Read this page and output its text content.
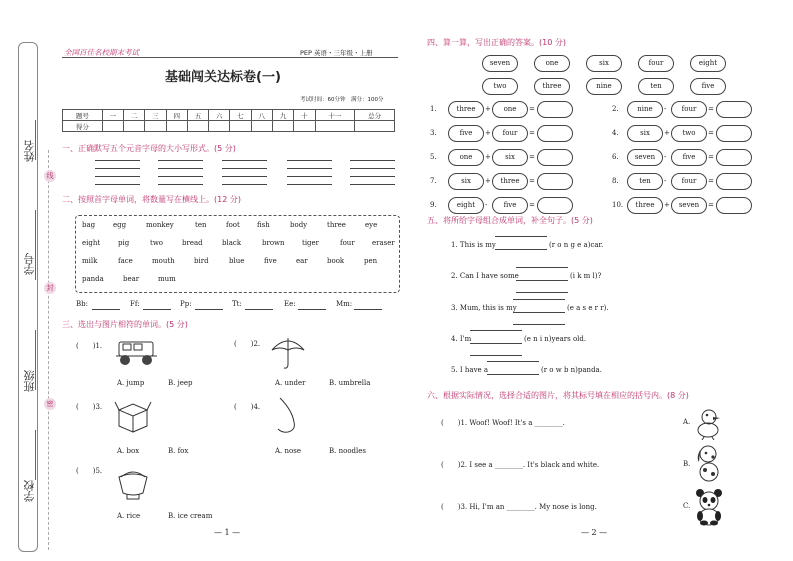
姓名
学号
班级
学校
线
封
密
全国百佳名校期末考试	PEP 英语・三年级・上册
基础闯关达标卷(一)
考试时间：60分钟　满分：100分
题号	一	二	三	四	五	六	七	八	九	十	十一	总分
得分												
一、正确默写五个元音字母的大小写形式。(5 分)
二、按照首字母单词，将数量写在横线上。(12 分)
bag	egg	monkey	ten	foot fish	body	three	eye
eight	pig	two	bread	black	brown tiger	four eraser
milk	face	mouth	bird	blue	five	ear	book	pen
panda	bear	mum
Bb:	Ff:	Pp:	Tt:	Ee:	Mm:
三、选出与图片相符的单词。(5 分)
(　　)1.
A. jump	B. jeep
(　　)2.
A. under	B. umbrella
(　　)3.
A. box	B. fox
(　　)4.
A. nose	B. noodles
(　　)5.
A. rice	B. ice cream
— 1 —
四、算一算，写出正确的答案。(10 分)
seven	one	six	four	eight
two	three	nine	ten	five
1.	three	+	one	=
3.	five	+	four	=
5.	one	+	six	=
7.	six	+	three	=
9.	eight	-	five	=
2.	nine	-	four	=
4.	six	+	two	=
6.	seven	-	five	=
8.	ten	-	four	=
10.	three	+	seven	=
五、将所给字母组合成单词，补全句子。(5 分)
1. This is my	(r o n g e a)car.
2. Can I have some	(i k m l)?
3. Mum, this is my	(e a s e r r).
4. I'm	(e n i n)years old.
5. I have a	(r o w b n)panda.
六、根据实际情况，选择合适的图片，将其标号填在相应的括号内。(8 分)
(　　)1. Woof! Woof! It's a ________.	A.
(　　)2. I see a ________. It's black and white.	B.
(　　)3. Hi, I'm an ________. My nose is long.	C.
— 2 —
